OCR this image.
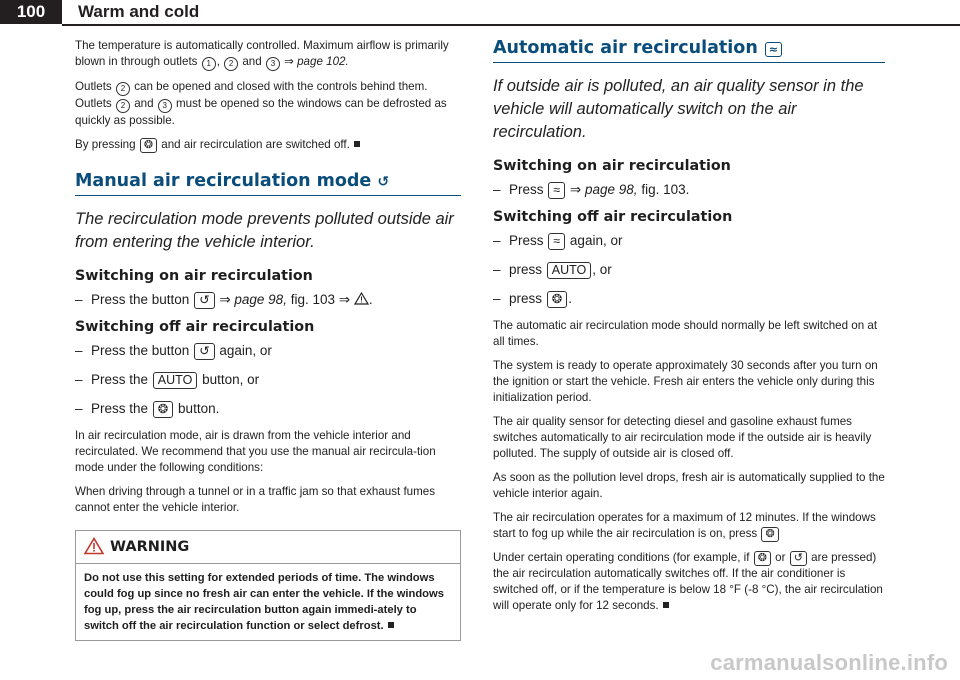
100	Warm and cold

The temperature is automatically controlled. Maximum airflow is primarily blown in through outlets 1 , 2 and 3 ⇒ page 102.

Outlets 2 can be opened and closed with the controls behind them. Outlets 2 and 3 must be opened so the windows can be defrosted as quickly as possible.

By pressing ❂ and air recirculation are switched off.

Manual air recirculation mode ↺
The recirculation mode prevents polluted outside air from entering the vehicle interior.
Switching on air recirculation
– Press the button ↺ ⇒ page 98, fig. 103 ⇒ .
Switching off air recirculation
– Press the button ↺ again, or
– Press the AUTO button, or
– Press the ❂ button.

In air recirculation mode, air is drawn from the vehicle interior and recirculated. We recommend that you use the manual air recircula-tion mode under the following conditions:

When driving through a tunnel or in a traffic jam so that exhaust fumes cannot enter the vehicle interior.

WARNING
Do not use this setting for extended periods of time. The windows could fog up since no fresh air can enter the vehicle. If the windows fog up, press the air recirculation button again immedi-ately to switch off the air recirculation function or select defrost.
Automatic air recirculation ≈
If outside air is polluted, an air quality sensor in the vehicle will automatically switch on the air recirculation.
Switching on air recirculation
– Press ≈ ⇒ page 98, fig. 103.
Switching off air recirculation
– Press ≈ again, or
– press AUTO , or
– press ❂ .

The automatic air recirculation mode should normally be left switched on at all times.

The system is ready to operate approximately 30 seconds after you turn on the ignition or start the vehicle. Fresh air enters the vehicle only during this initialization period.

The air quality sensor for detecting diesel and gasoline exhaust fumes switches automatically to air recirculation mode if the outside air is heavily polluted. The supply of outside air is closed off.

As soon as the pollution level drops, fresh air is automatically supplied to the vehicle interior again.

The air recirculation operates for a maximum of 12 minutes. If the windows start to fog up while the air recirculation is on, press ❂

Under certain operating conditions (for example, if ❂ or ↺ are pressed) the air recirculation automatically switches off. If the air conditioner is switched off, or if the temperature is below 18 °F (-8 °C), the air recirculation will operate only for 12 seconds.

carmanualsonline.info
